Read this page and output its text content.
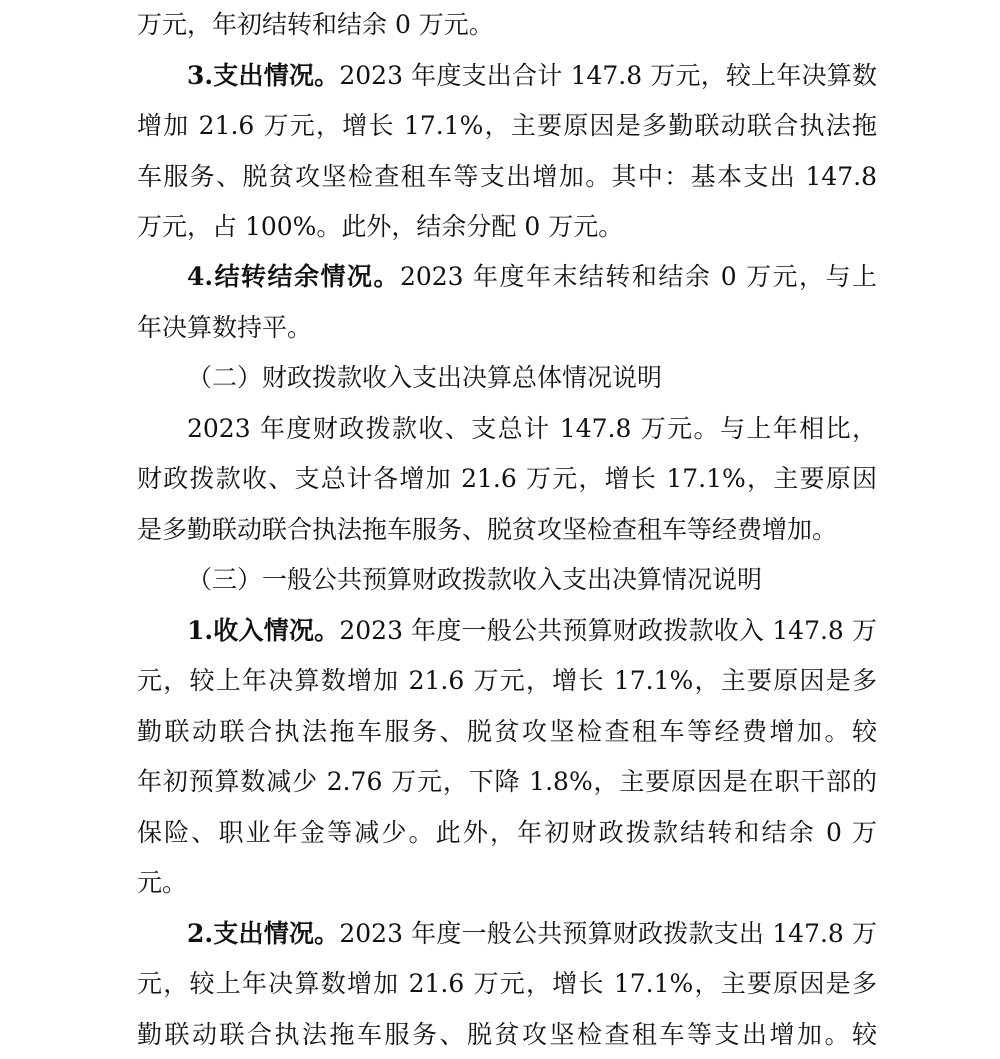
万元，年初结转和结余 0 万元。
3.支出情况。2023 年度支出合计 147.8 万元，较上年决算数
增加 21.6 万元，增长 17.1%，主要原因是多勤联动联合执法拖
车服务、脱贫攻坚检查租车等支出增加。其中：基本支出 147.8
万元，占 100%。此外，结余分配 0 万元。
4.结转结余情况。2023 年度年末结转和结余 0 万元，与上
年决算数持平。
（二）财政拨款收入支出决算总体情况说明
2023 年度财政拨款收、支总计 147.8 万元。与上年相比，
财政拨款收、支总计各增加 21.6 万元，增长 17.1%，主要原因
是多勤联动联合执法拖车服务、脱贫攻坚检查租车等经费增加。
（三）一般公共预算财政拨款收入支出决算情况说明
1.收入情况。2023 年度一般公共预算财政拨款收入 147.8 万
元，较上年决算数增加 21.6 万元，增长 17.1%，主要原因是多
勤联动联合执法拖车服务、脱贫攻坚检查租车等经费增加。较
年初预算数减少 2.76 万元，下降 1.8%，主要原因是在职干部的
保险、职业年金等减少。此外，年初财政拨款结转和结余 0 万
元。
2.支出情况。2023 年度一般公共预算财政拨款支出 147.8 万
元，较上年决算数增加 21.6 万元，增长 17.1%，主要原因是多
勤联动联合执法拖车服务、脱贫攻坚检查租车等支出增加。较
